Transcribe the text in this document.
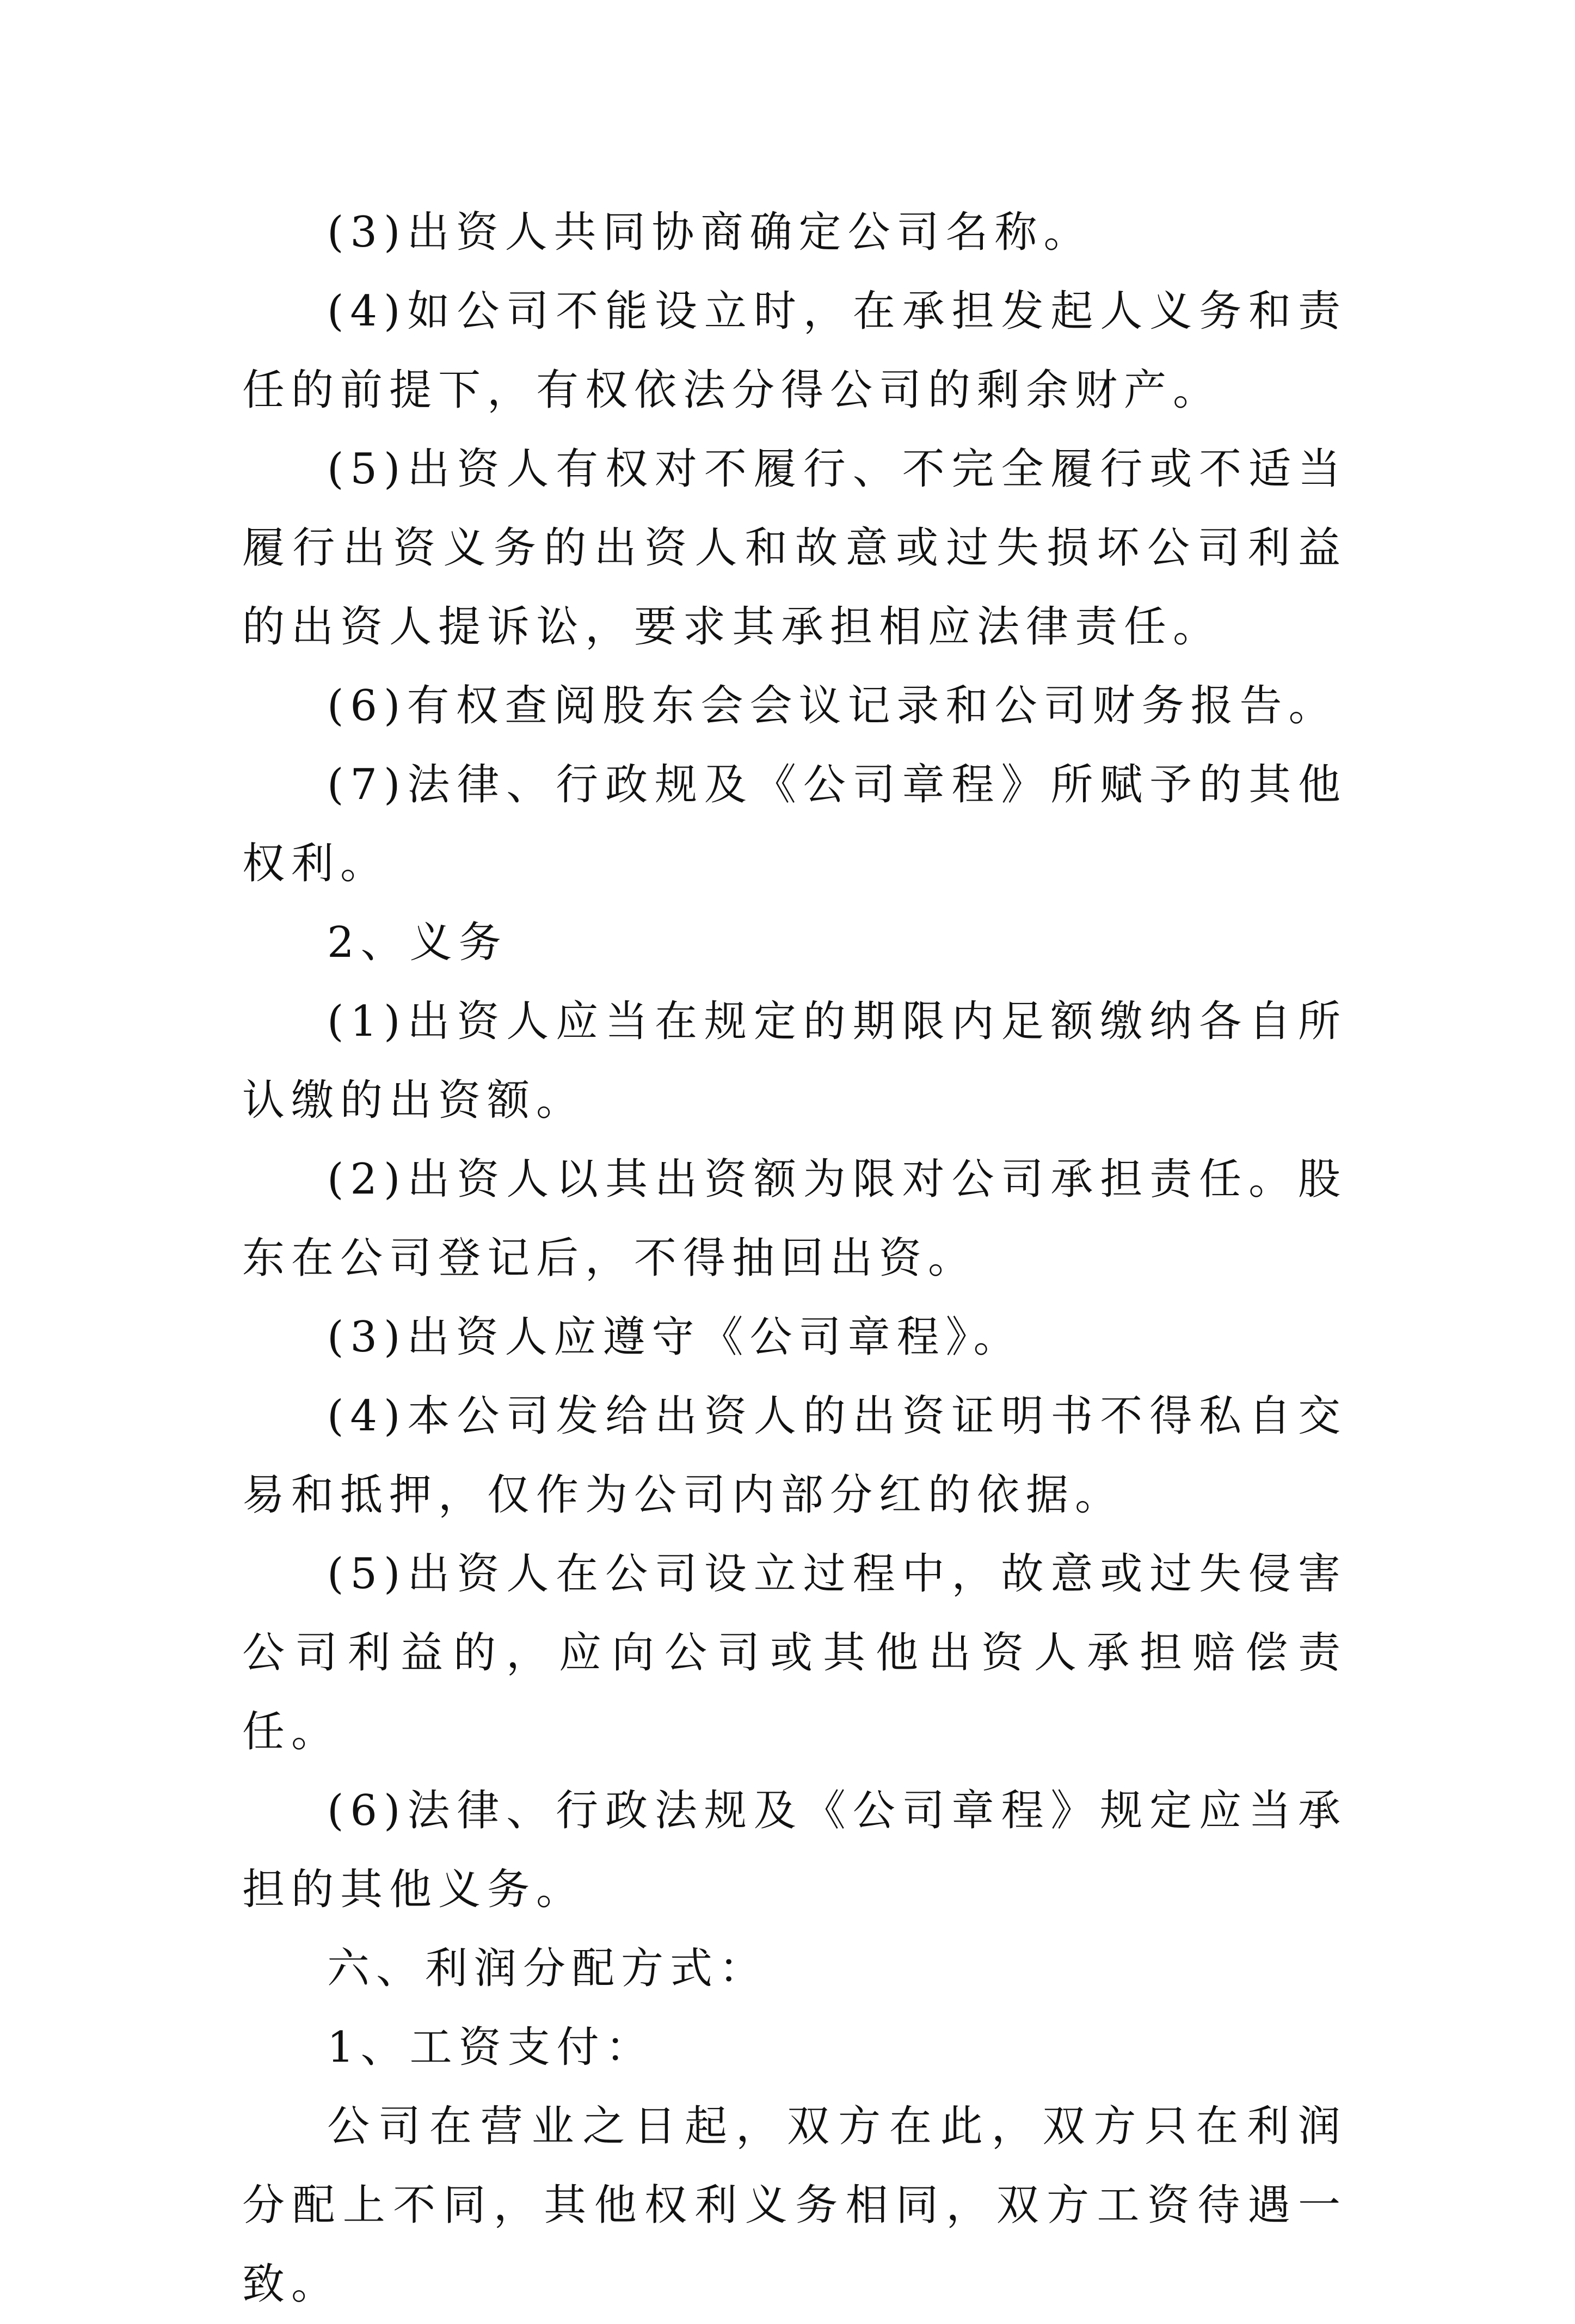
(3)出资人共同协商确定公司名称。

(4)如公司不能设立时，在承担发起人义务和责任的前提下，有权依法分得公司的剩余财产。

(5)出资人有权对不履行、不完全履行或不适当履行出资义务的出资人和故意或过失损坏公司利益的出资人提诉讼，要求其承担相应法律责任。

(6)有权查阅股东会会议记录和公司财务报告。

(7)法律、行政规及《公司章程》所赋予的其他权利。

2、义务

(1)出资人应当在规定的期限内足额缴纳各自所认缴的出资额。

(2)出资人以其出资额为限对公司承担责任。股东在公司登记后，不得抽回出资。

(3)出资人应遵守《公司章程》。

(4)本公司发给出资人的出资证明书不得私自交易和抵押，仅作为公司内部分红的依据。

(5)出资人在公司设立过程中，故意或过失侵害公司利益的，应向公司或其他出资人承担赔偿责任。

(6)法律、行政法规及《公司章程》规定应当承担的其他义务。

六、利润分配方式：

1、工资支付：

公司在营业之日起，双方在此，双方只在利润分配上不同，其他权利义务相同，双方工资待遇一致。
